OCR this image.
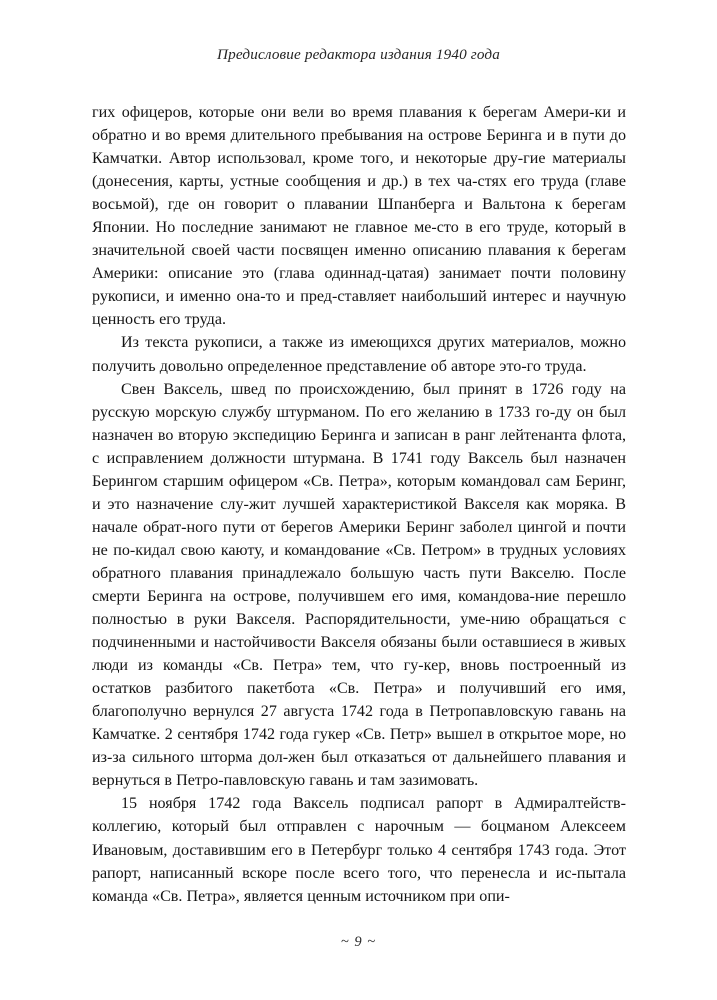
Предисловие редактора издания 1940 года

гих офицеров, которые они вели во время плавания к берегам Амери-ки и обратно и во время длительного пребывания на острове Беринга и в пути до Камчатки. Автор использовал, кроме того, и некоторые дру-гие материалы (донесения, карты, устные сообщения и др.) в тех ча-стях его труда (главе восьмой), где он говорит о плавании Шпанберга и Вальтона к берегам Японии. Но последние занимают не главное ме-сто в его труде, который в значительной своей части посвящен именно описанию плавания к берегам Америки: описание это (глава одиннад-цатая) занимает почти половину рукописи, и именно она-то и пред-ставляет наибольший интерес и научную ценность его труда.

Из текста рукописи, а также из имеющихся других материалов, можно получить довольно определенное представление об авторе это-го труда.

Свен Ваксель, швед по происхождению, был принят в 1726 году на русскую морскую службу штурманом. По его желанию в 1733 го-ду он был назначен во вторую экспедицию Беринга и записан в ранг лейтенанта флота, с исправлением должности штурмана. В 1741 году Ваксель был назначен Берингом старшим офицером «Св. Петра», которым командовал сам Беринг, и это назначение слу-жит лучшей характеристикой Вакселя как моряка. В начале обрат-ного пути от берегов Америки Беринг заболел цингой и почти не по-кидал свою каюту, и командование «Св. Петром» в трудных условиях обратного плавания принадлежало большую часть пути Вакселю. После смерти Беринга на острове, получившем его имя, командова-ние перешло полностью в руки Вакселя. Распорядительности, уме-нию обращаться с подчиненными и настойчивости Вакселя обязаны были оставшиеся в живых люди из команды «Св. Петра» тем, что гу-кер, вновь построенный из остатков разбитого пакетбота «Св. Петра» и получивший его имя, благополучно вернулся 27 августа 1742 года в Петропавловскую гавань на Камчатке. 2 сентября 1742 года гукер «Св. Петр» вышел в открытое море, но из-за сильного шторма дол-жен был отказаться от дальнейшего плавания и вернуться в Петро-павловскую гавань и там зазимовать.

15 ноября 1742 года Ваксель подписал рапорт в Адмиралтейств-коллегию, который был отправлен с нарочным — боцманом Алексеем Ивановым, доставившим его в Петербург только 4 сентября 1743 года. Этот рапорт, написанный вскоре после всего того, что перенесла и ис-пытала команда «Св. Петра», является ценным источником при опи-

~ 9 ~
